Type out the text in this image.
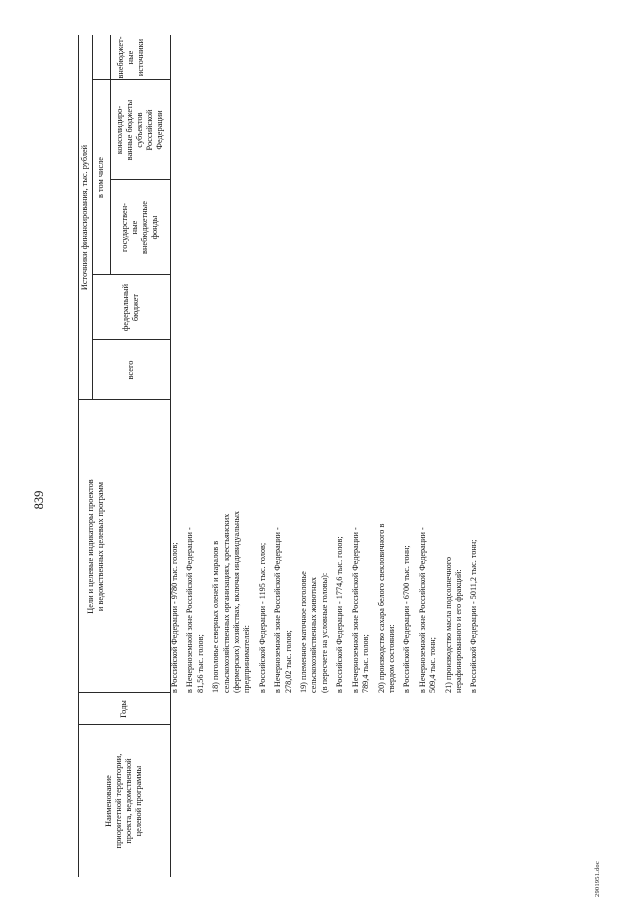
839
Наименование
приоритетной территории,
проекта, ведомственной
целевой программы
Годы
Цели и целевые индикаторы проектов
и ведомственных целевых программ
Источники финансирования, тыс. рублей
всего
федеральный
бюджет
в том числе
государствен-
ные
внебюджетные
фонды
консолидиро-
ванные бюджеты
субъектов
Российской
Федерации
внебюджет-
ные
источники
в Российской Федерации - 9780 тыс. голов; в Нечерноземной зоне Российской Федерации -
81,56 тыс. голов;
18) поголовье северных оленей и маралов в
сельскохозяйственных организациях, крестьянских
(фермерских) хозяйствах, включая индивидуальных
предпринимателей: в Российской Федерации - 1195 тыс. голов; в Нечерноземной зоне Российской Федерации -
278,02 тыс. голов;
19) племенное маточное поголовье
сельскохозяйственных животных
(в пересчете на условные головы): в Российской Федерации - 1774,6 тыс. голов; в Нечерноземной зоне Российской Федерации -
789,4 тыс. голов;
20) производство сахара белого свекловичного в
твердом состоянии: в Российской Федерации - 6700 тыс. тонн; в Нечерноземной зоне Российской Федерации -
509,4 тыс. тонн;
21) производство масла подсолнечного
нерафинированного и его фракций: в Российской Федерации - 5011,2 тыс. тонн;
2901951.doc
